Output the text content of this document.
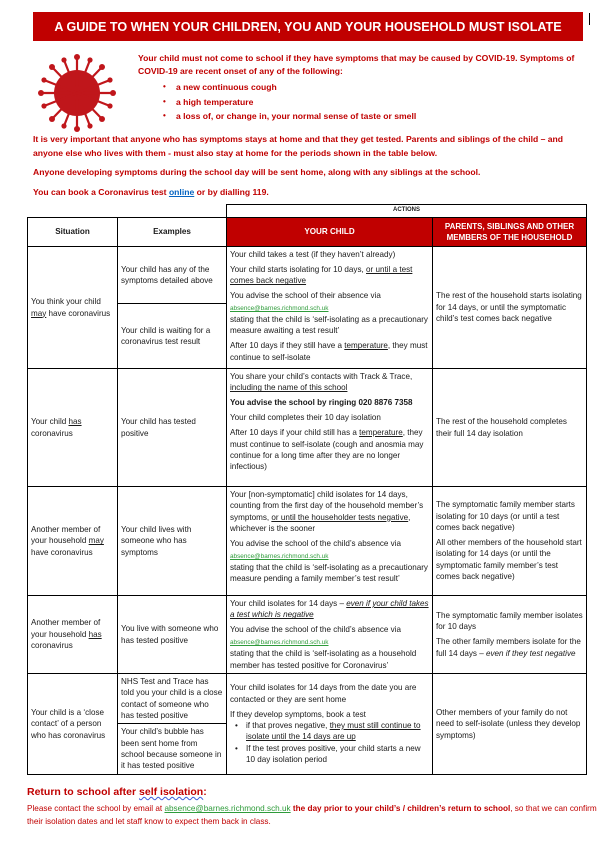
A GUIDE TO WHEN YOUR CHILDREN, YOU AND YOUR HOUSEHOLD MUST ISOLATE
Your child must not come to school if they have symptoms that may be caused by COVID-19. Symptoms of COVID-19 are recent onset of any of the following:
• a new continuous cough
• a high temperature
• a loss of, or change in, your normal sense of taste or smell
It is very important that anyone who has symptoms stays at home and that they get tested. Parents and siblings of the child – and anyone else who lives with them - must also stay at home for the periods shown in the table below.
Anyone developing symptoms during the school day will be sent home, along with any siblings at the school.
You can book a Coronavirus test online or by dialling 119.
ACTIONS
Situation	Examples	YOUR CHILD
PARENTS, SIBLINGS AND OTHER MEMBERS OF THE HOUSEHOLD
You think your child may have coronavirus
Your child has any of the symptoms detailed above
Your child is waiting for a coronavirus test result

Your child takes a test (if they haven’t already)

Your child starts isolating for 10 days, or until a test comes back negative

You advise the school of their absence via
absence@barnes.richmond.sch.uk
stating that the child is ‘self-isolating as a precautionary measure awaiting a test result’

After 10 days if they still have a temperature, they must continue to self-isolate

The rest of the household starts isolating for 14 days, or until the symptomatic child’s test comes back negative
Your child has coronavirus
Your child has tested positive

You share your child’s contacts with Track & Trace, including the name of this school

You advise the school by ringing 020 8876 7358

Your child completes their 10 day isolation

After 10 days if your child still has a temperature, they must continue to self-isolate (cough and anosmia may continue for a long time after they are no longer infectious)

The rest of the household completes their full 14 day isolation
Another member of your household may have coronavirus
Your child lives with someone who has symptoms

Your [non-symptomatic] child isolates for 14 days, counting from the first day of the household member’s symptoms, or until the householder tests negative, whichever is the sooner

You advise the school of the child’s absence via
absence@barnes.richmond.sch.uk
stating that the child is ‘self-isolating as a precautionary measure pending a family member’s test result’

The symptomatic family member starts isolating for 10 days (or until a test comes back negative)

All other members of the household start isolating for 14 days (or until the symptomatic family member’s test comes back negative)

Another member of your household has coronavirus
You live with someone who has tested positive

Your child isolates for 14 days – even if your child takes a test which is negative

You advise the school of the child’s absence via
absence@barnes.richmond.sch.uk
stating that the child is ‘self-isolating as a household member has tested positive for Coronavirus’

The symptomatic family member isolates for 10 days

The other family members isolate for the full 14 days – even if they test negative

Your child is a ‘close contact’ of a person who has coronavirus
NHS Test and Trace has told you your child is a close contact of someone who has tested positive
Your child’s bubble has been sent home from school because someone in it has tested positive

Your child isolates for 14 days from the date you are contacted or they are sent home

If they develop symptoms, book a test
• if that proves negative, they must still continue to isolate until the 14 days are up
• If the test proves positive, your child starts a new 10 day isolation period
Other members of your family do not need to self-isolate (unless they develop symptoms)
Return to school after self isolation:
Please contact the school by email at absence@barnes.richmond.sch.uk the day prior to your child’s / children’s return to school, so that we can confirm their isolation dates and let staff know to expect them back in class.
